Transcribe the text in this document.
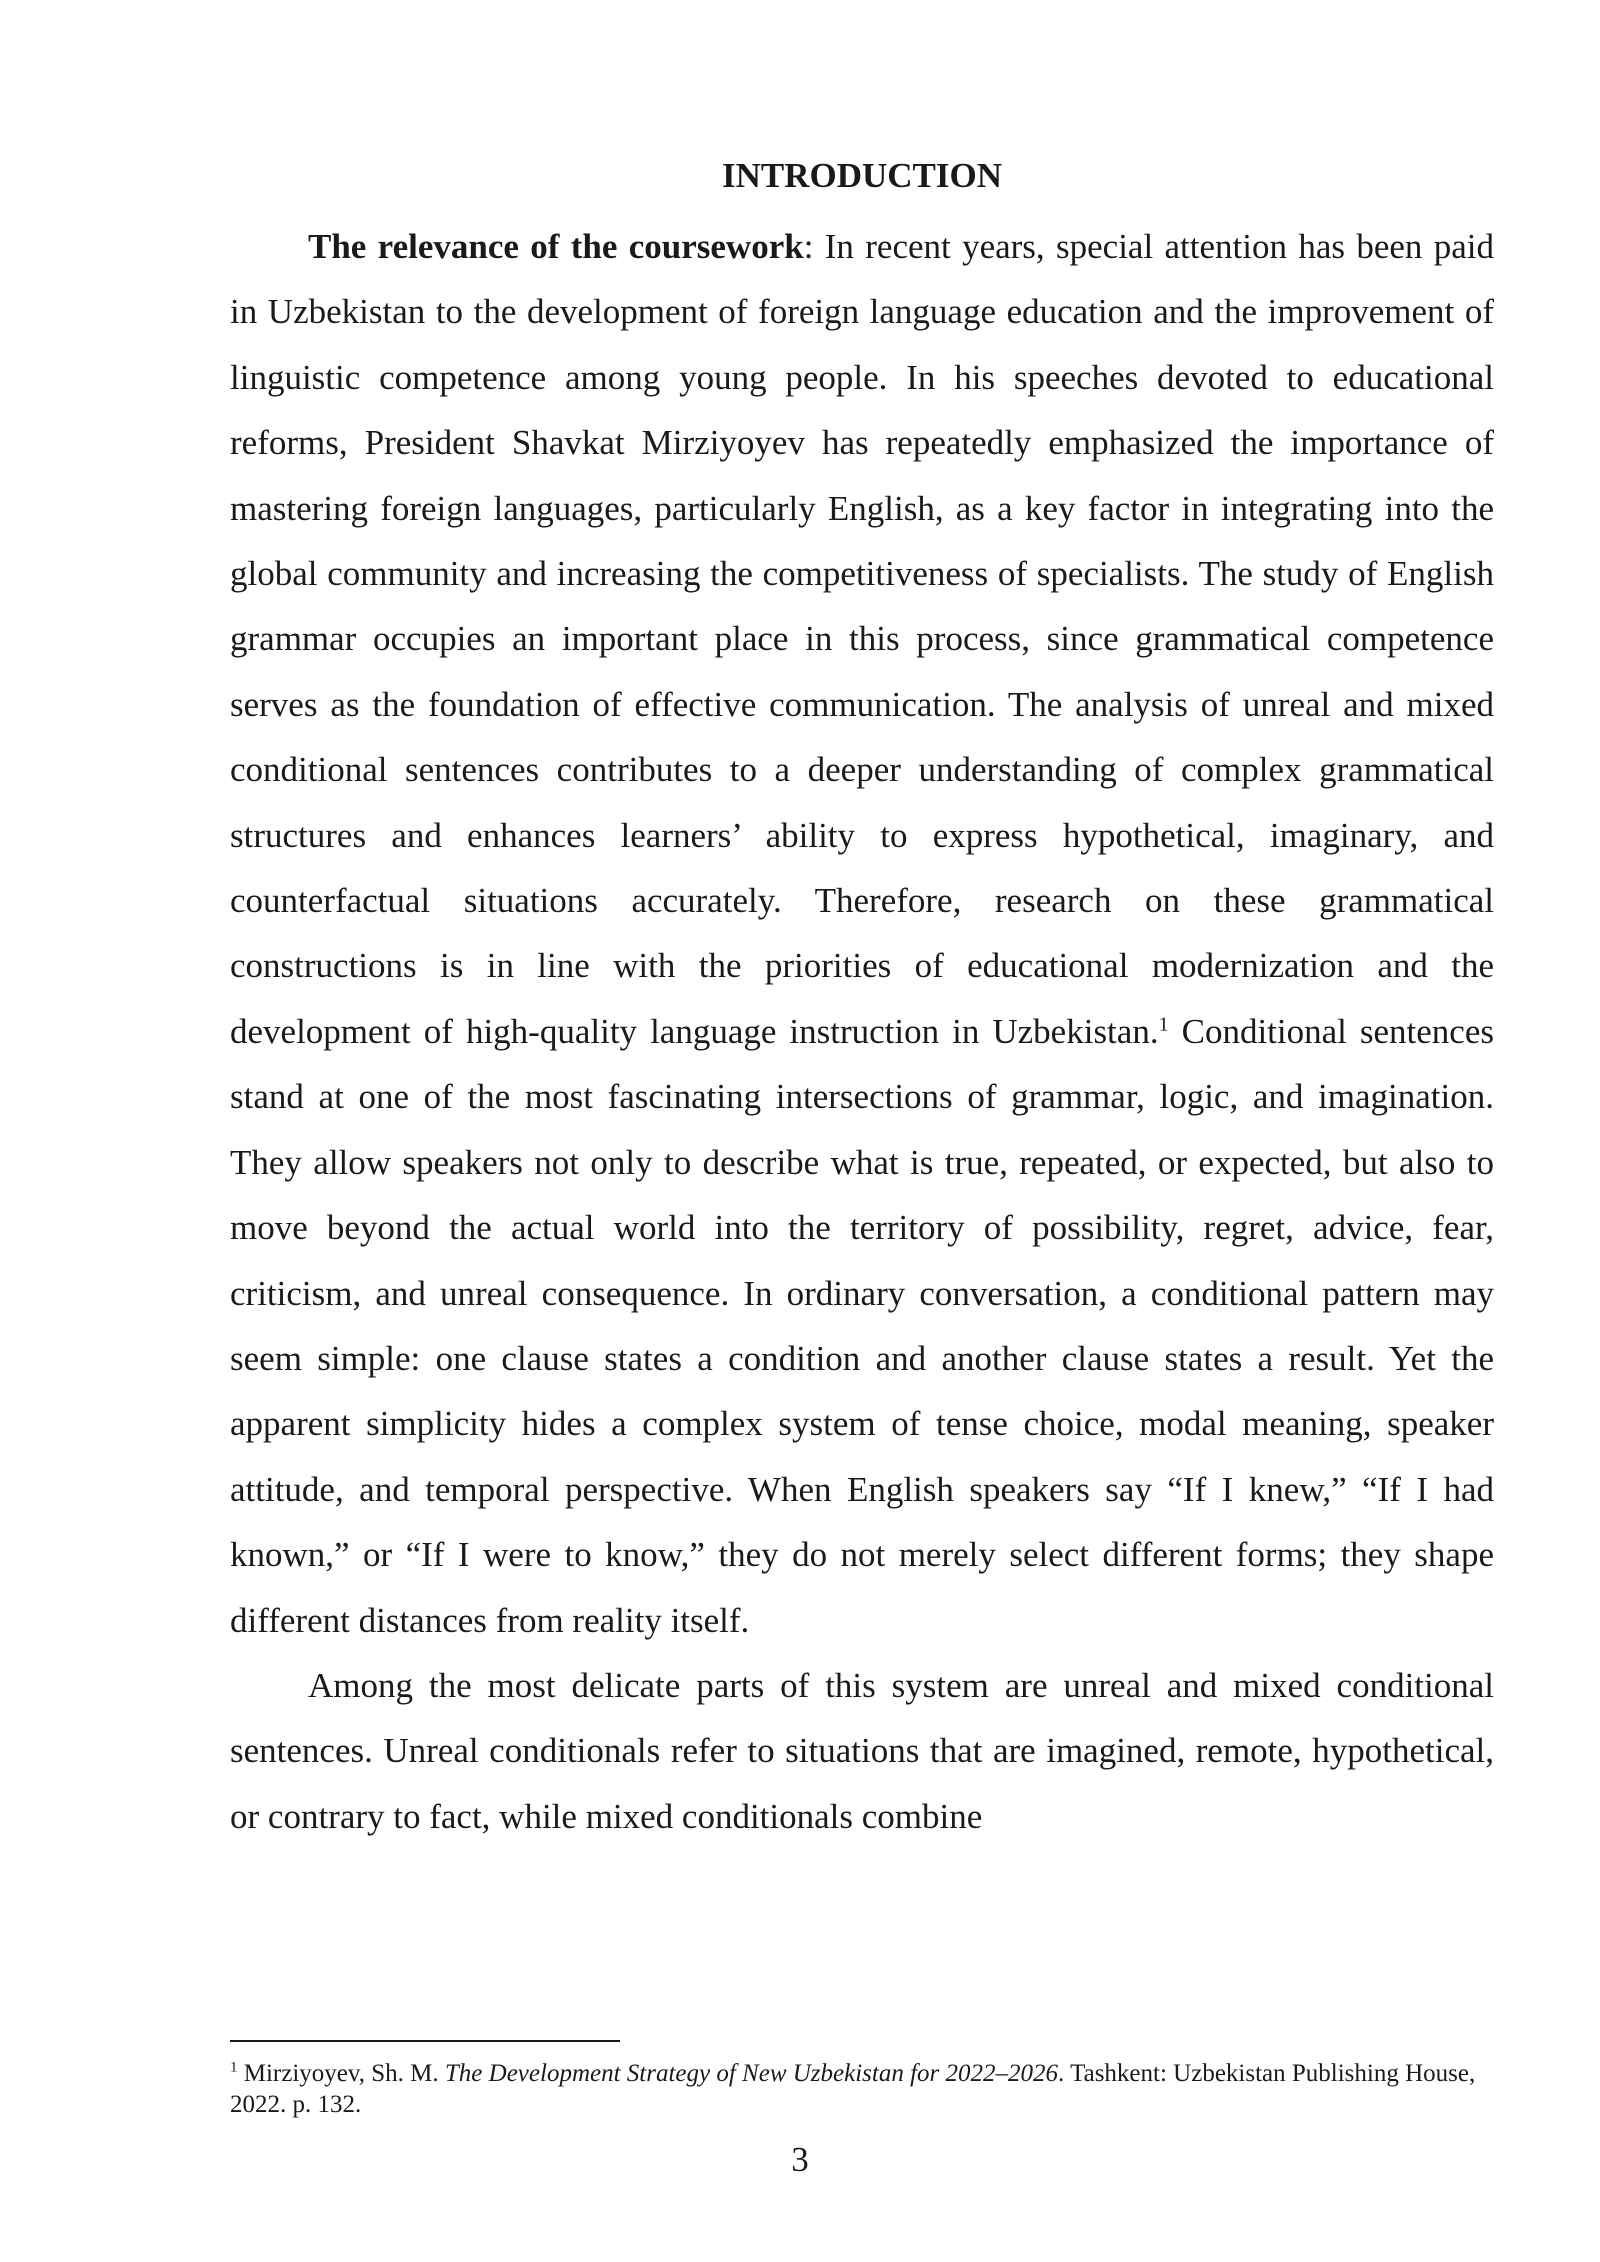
INTRODUCTION

The relevance of the coursework: In recent years, special attention has been paid in Uzbekistan to the development of foreign language education and the improvement of linguistic competence among young people. In his speeches devoted to educational reforms, President Shavkat Mirziyoyev has repeatedly emphasized the importance of mastering foreign languages, particularly English, as a key factor in integrating into the global community and increasing the competitiveness of specialists. The study of English grammar occupies an important place in this process, since grammatical competence serves as the foundation of effective communication. The analysis of unreal and mixed conditional sentences contributes to a deeper understanding of complex grammatical structures and enhances learners’ ability to express hypothetical, imaginary, and counterfactual situations accurately. Therefore, research on these grammatical constructions is in line with the priorities of educational modernization and the development of high-quality language instruction in Uzbekistan.$^1$ Conditional sentences stand at one of the most fascinating intersections of grammar, logic, and imagination. They allow speakers not only to describe what is true, repeated, or expected, but also to move beyond the actual world into the territory of possibility, regret, advice, fear, criticism, and unreal consequence. In ordinary conversation, a conditional pattern may seem simple: one clause states a condition and another clause states a result. Yet the apparent simplicity hides a complex system of tense choice, modal meaning, speaker attitude, and temporal perspective. When English speakers say “If I knew,” “If I had known,” or “If I were to know,” they do not merely select different forms; they shape different distances from reality itself.

Among the most delicate parts of this system are unreal and mixed conditional sentences. Unreal conditionals refer to situations that are imagined, remote, hypothetical, or contrary to fact, while mixed conditionals combine

$^1$ Mirziyoyev, Sh. M. The Development Strategy of New Uzbekistan for 2022–2026. Tashkent: Uzbekistan Publishing House, 2022. p. 132.
3
